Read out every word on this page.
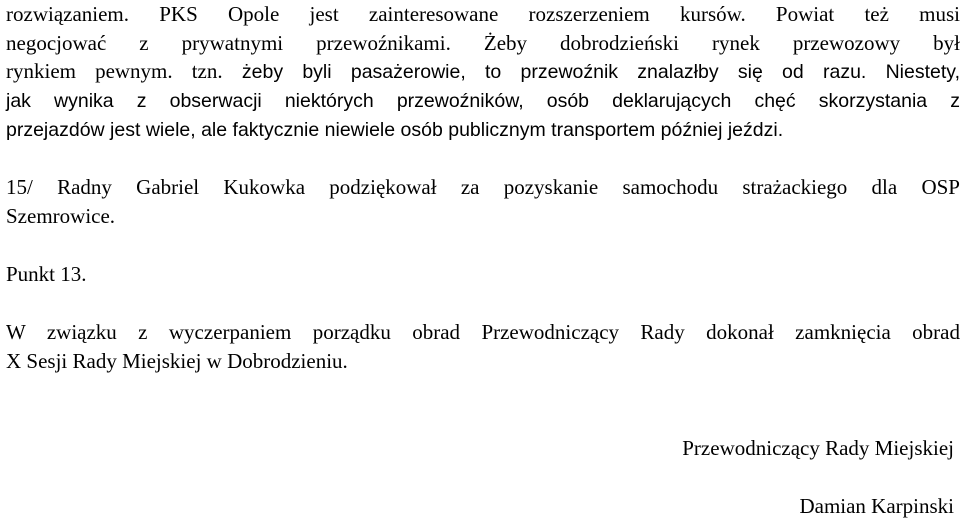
rozwiązaniem. PKS Opole jest zainteresowane rozszerzeniem kursów. Powiat też musi
negocjować z prywatnymi przewoźnikami. Żeby dobrodzieński rynek przewozowy był
rynkiem pewnym. tzn. żeby byli pasażerowie, to przewoźnik znalazłby się od razu. Niestety,
jak wynika z obserwacji niektórych przewoźników, osób deklarujących chęć skorzystania z
przejazdów jest wiele, ale faktycznie niewiele osób publicznym transportem później jeździ.
15/ Radny Gabriel Kukowka podziękował za pozyskanie samochodu strażackiego dla OSP
Szemrowice.
Punkt 13.
W związku z wyczerpaniem porządku obrad Przewodniczący Rady dokonał zamknięcia obrad
X Sesji Rady Miejskiej w Dobrodzieniu.
Przewodniczący Rady Miejskiej
Damian Karpinski
